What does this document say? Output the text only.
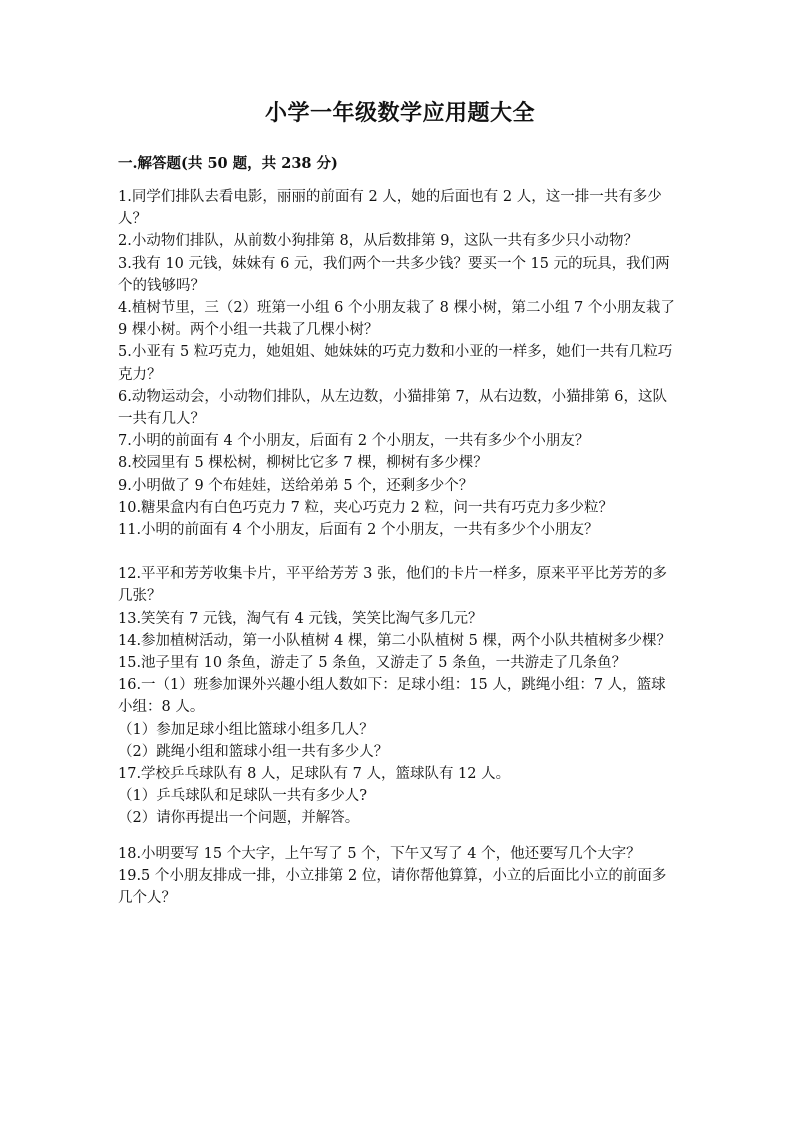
小学一年级数学应用题大全
一.解答题(共 50 题，共 238 分)

1.同学们排队去看电影，丽丽的前面有 2 人，她的后面也有 2 人，这一排一共有多少人？

2.小动物们排队，从前数小狗排第 8，从后数排第 9，这队一共有多少只小动物？

3.我有 10 元钱，妹妹有 6 元，我们两个一共多少钱？要买一个 15 元的玩具，我们两个的钱够吗？

4.植树节里，三（2）班第一小组 6 个小朋友栽了 8 棵小树，第二小组 7 个小朋友栽了 9 棵小树。两个小组一共栽了几棵小树？

5.小亚有 5 粒巧克力，她姐姐、她妹妹的巧克力数和小亚的一样多，她们一共有几粒巧克力？

6.动物运动会，小动物们排队，从左边数，小猫排第 7，从右边数，小猫排第 6，这队一共有几人？

7.小明的前面有 4 个小朋友，后面有 2 个小朋友，一共有多少个小朋友？

8.校园里有 5 棵松树，柳树比它多 7 棵，柳树有多少棵？

9.小明做了 9 个布娃娃，送给弟弟 5 个，还剩多少个？

10.糖果盒内有白色巧克力 7 粒，夹心巧克力 2 粒，问一共有巧克力多少粒？

11.小明的前面有 4 个小朋友，后面有 2 个小朋友，一共有多少个小朋友？

12.平平和芳芳收集卡片，平平给芳芳 3 张，他们的卡片一样多，原来平平比芳芳的多几张？

13.笑笑有 7 元钱，淘气有 4 元钱，笑笑比淘气多几元？

14.参加植树活动，第一小队植树 4 棵，第二小队植树 5 棵，两个小队共植树多少棵？

15.池子里有 10 条鱼，游走了 5 条鱼，又游走了 5 条鱼，一共游走了几条鱼？

16.一（1）班参加课外兴趣小组人数如下：足球小组：15 人，跳绳小组：7 人，篮球小组：8 人。

（1）参加足球小组比篮球小组多几人？

（2）跳绳小组和篮球小组一共有多少人？

17.学校乒乓球队有 8 人，足球队有 7 人，篮球队有 12 人。

（1）乒乓球队和足球队一共有多少人?

（2）请你再提出一个问题，并解答。

18.小明要写 15 个大字，上午写了 5 个，下午又写了 4 个，他还要写几个大字？

19.5 个小朋友排成一排，小立排第 2 位，请你帮他算算，小立的后面比小立的前面多几个人？
